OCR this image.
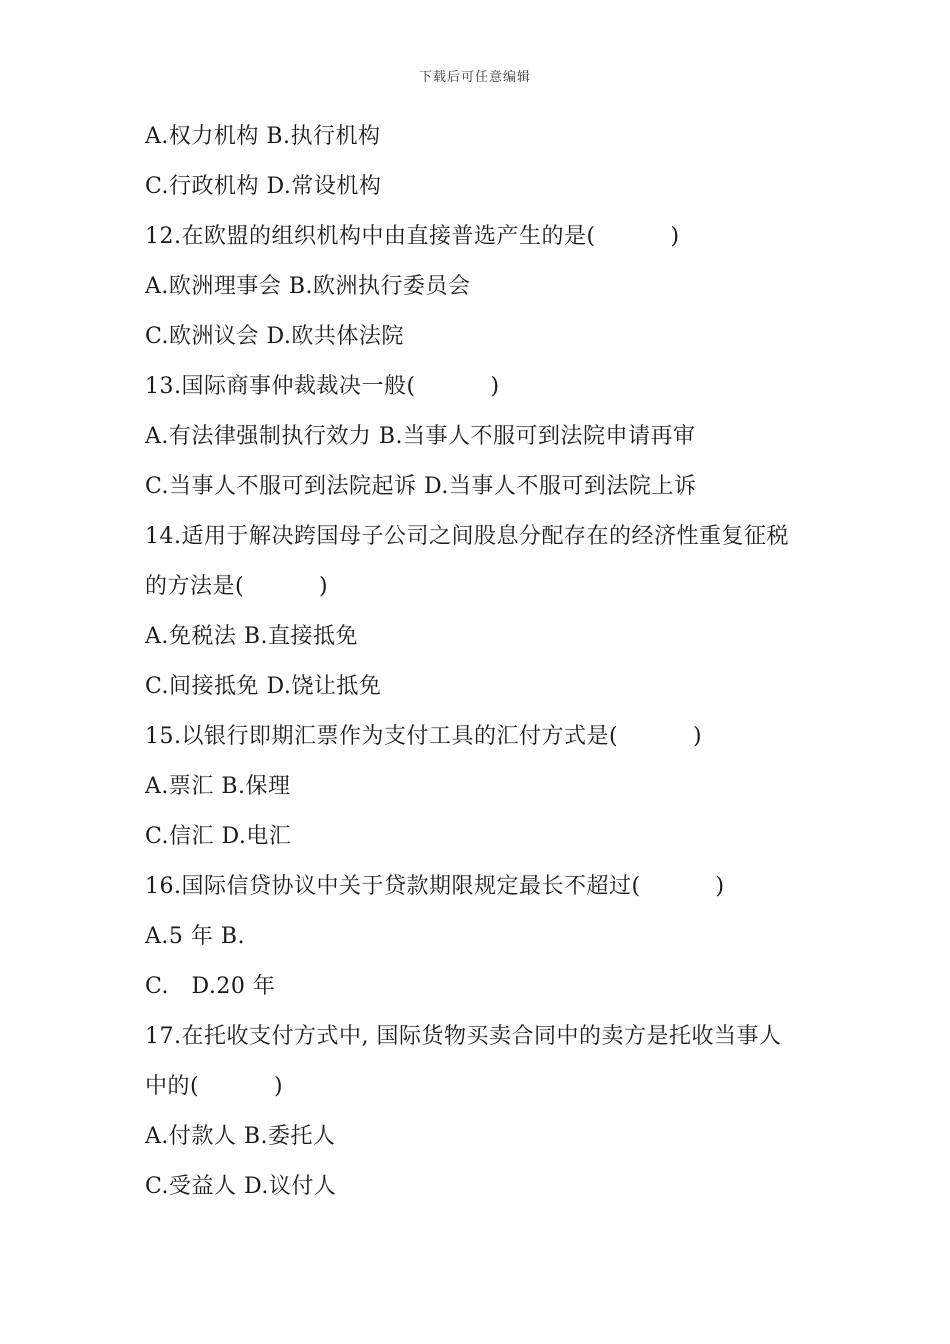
下载后可任意编辑
A.权力机构 B.执行机构
C.行政机构 D.常设机构
12.在欧盟的组织机构中由直接普选产生的是(          )
A.欧洲理事会 B.欧洲执行委员会
C.欧洲议会 D.欧共体法院
13.国际商事仲裁裁决一般(          )
A.有法律强制执行效力 B.当事人不服可到法院申请再审
C.当事人不服可到法院起诉 D.当事人不服可到法院上诉
14.适用于解决跨国母子公司之间股息分配存在的经济性重复征税
的方法是(          )
A.免税法 B.直接抵免
C.间接抵免 D.饶让抵免
15.以银行即期汇票作为支付工具的汇付方式是(          )
A.票汇 B.保理
C.信汇 D.电汇
16.国际信贷协议中关于贷款期限规定最长不超过(          )
A.5 年 B.
C.   D.20 年
17.在托收支付方式中, 国际货物买卖合同中的卖方是托收当事人
中的(          )
A.付款人 B.委托人
C.受益人 D.议付人
